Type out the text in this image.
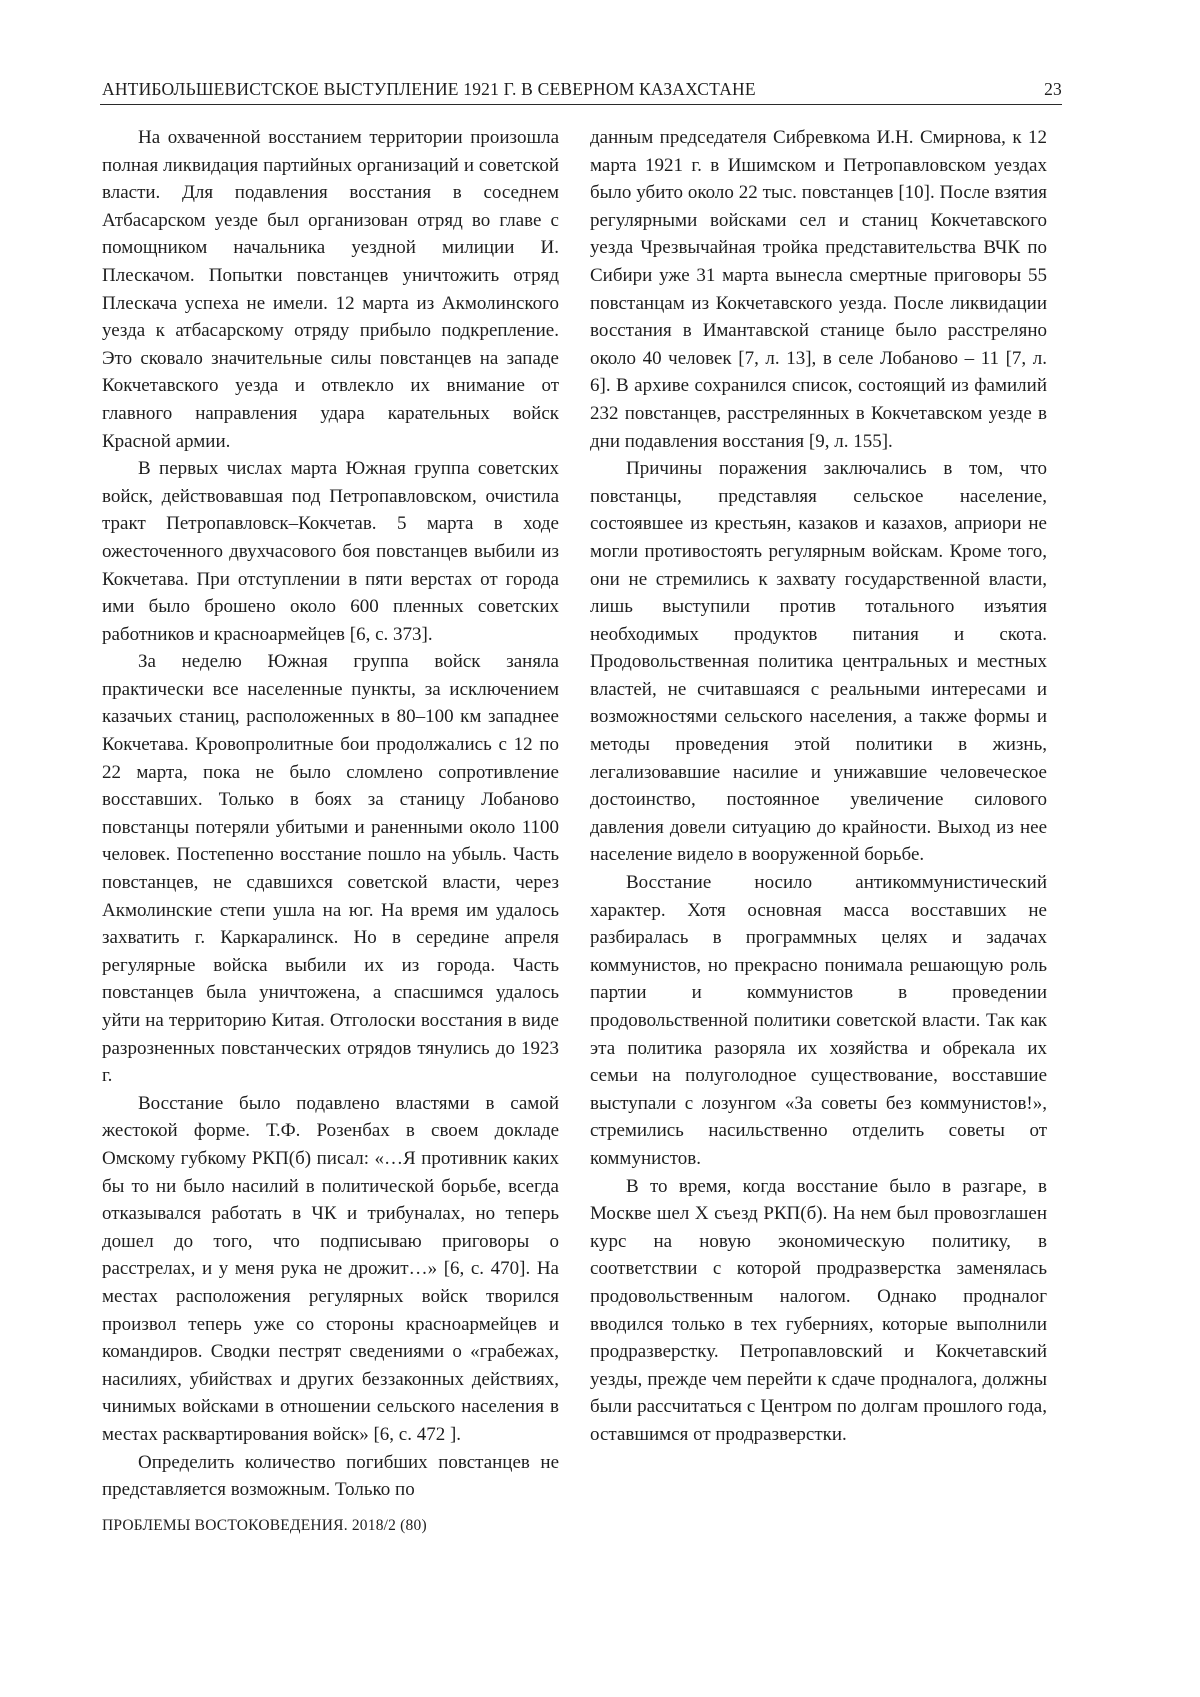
АНТИБОЛЬШЕВИСТСКОЕ ВЫСТУПЛЕНИЕ 1921 Г. В СЕВЕРНОМ КАЗАХСТАНЕ	23

На охваченной восстанием территории произошла полная ликвидация партийных организаций и советской власти. Для подавления восстания в соседнем Атбасарском уезде был организован отряд во главе с помощником начальника уездной милиции И. Плескачом. Попытки повстанцев уничтожить отряд Плескача успеха не имели. 12 марта из Акмолинского уезда к атбасарскому отряду прибыло подкрепление. Это сковало значительные силы повстанцев на западе Кокчетавского уезда и отвлекло их внимание от главного направления удара карательных войск Красной армии.

В первых числах марта Южная группа советских войск, действовавшая под Петропавловском, очистила тракт Петропавловск–Кокчетав. 5 марта в ходе ожесточенного двухчасового боя повстанцев выбили из Кокчетава. При отступлении в пяти верстах от города ими было брошено около 600 пленных советских работников и красноармейцев [6, с. 373].

За неделю Южная группа войск заняла практически все населенные пункты, за исключением казачьих станиц, расположенных в 80–100 км западнее Кокчетава. Кровопролитные бои продолжались с 12 по 22 марта, пока не было сломлено сопротивление восставших. Только в боях за станицу Лобаново повстанцы потеряли убитыми и раненными около 1100 человек. Постепенно восстание пошло на убыль. Часть повстанцев, не сдавшихся советской власти, через Акмолинские степи ушла на юг. На время им удалось захватить г. Каркаралинск. Но в середине апреля регулярные войска выбили их из города. Часть повстанцев была уничтожена, а спасшимся удалось уйти на территорию Китая. Отголоски восстания в виде разрозненных повстанческих отрядов тянулись до 1923 г.

Восстание было подавлено властями в самой жестокой форме. Т.Ф. Розенбах в своем докладе Омскому губкому РКП(б) писал: «…Я противник каких бы то ни было насилий в политической борьбе, всегда отказывался работать в ЧК и трибуналах, но теперь дошел до того, что подписываю приговоры о расстрелах, и у меня рука не дрожит…» [6, с. 470]. На местах расположения регулярных войск творился произвол теперь уже со стороны красноармейцев и командиров. Сводки пестрят сведениями о «грабежах, насилиях, убийствах и других беззаконных действиях, чинимых войсками в отношении сельского населения в местах расквартирования войск» [6, с. 472 ].

Определить количество погибших повстанцев не представляется возможным. Только по

данным председателя Сибревкома И.Н. Смирнова, к 12 марта 1921 г. в Ишимском и Петропавловском уездах было убито около 22 тыс. повстанцев [10]. После взятия регулярными войсками сел и станиц Кокчетавского уезда Чрезвычайная тройка представительства ВЧК по Сибири уже 31 марта вынесла смертные приговоры 55 повстанцам из Кокчетавского уезда. После ликвидации восстания в Имантавской станице было расстреляно около 40 человек [7, л. 13], в селе Лобаново – 11 [7, л. 6]. В архиве сохранился список, состоящий из фамилий 232 повстанцев, расстрелянных в Кокчетавском уезде в дни подавления восстания [9, л. 155].

Причины поражения заключались в том, что повстанцы, представляя сельское население, состоявшее из крестьян, казаков и казахов, априори не могли противостоять регулярным войскам. Кроме того, они не стремились к захвату государственной власти, лишь выступили против тотального изъятия необходимых продуктов питания и скота. Продовольственная политика центральных и местных властей, не считавшаяся с реальными интересами и возможностями сельского населения, а также формы и методы проведения этой политики в жизнь, легализовавшие насилие и унижавшие человеческое достоинство, постоянное увеличение силового давления довели ситуацию до крайности. Выход из нее население видело в вооруженной борьбе.

Восстание носило антикоммунистический характер. Хотя основная масса восставших не разбиралась в программных целях и задачах коммунистов, но прекрасно понимала решающую роль партии и коммунистов в проведении продовольственной политики советской власти. Так как эта политика разоряла их хозяйства и обрекала их семьи на полуголодное существование, восставшие выступали с лозунгом «За советы без коммунистов!», стремились насильственно отделить советы от коммунистов.

В то время, когда восстание было в разгаре, в Москве шел X съезд РКП(б). На нем был провозглашен курс на новую экономическую политику, в соответствии с которой продразверстка заменялась продовольственным налогом. Однако продналог вводился только в тех губерниях, которые выполнили продразверстку. Петропавловский и Кокчетавский уезды, прежде чем перейти к сдаче продналога, должны были рассчитаться с Центром по долгам прошлого года, оставшимся от продразверстки.

ПРОБЛЕМЫ ВОСТОКОВЕДЕНИЯ. 2018/2 (80)
